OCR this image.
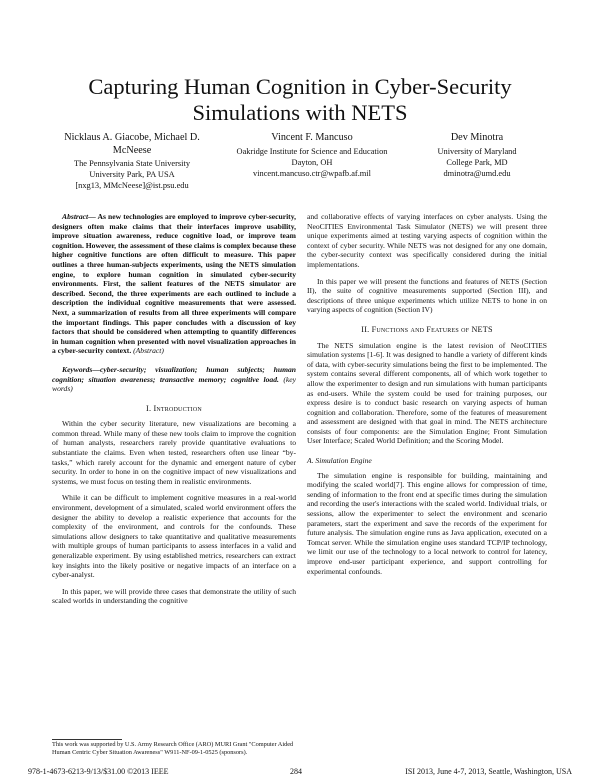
Capturing Human Cognition in Cyber-Security Simulations with NETS
Nicklaus A. Giacobe, Michael D. McNeese
The Pennsylvania State University
University Park, PA USA
[nxg13, MMcNeese]@ist.psu.edu
Vincent F. Mancuso
Oakridge Institute for Science and Education
Dayton, OH
vincent.mancuso.ctr@wpafb.af.mil
Dev Minotra
University of Maryland
College Park, MD
dminotra@umd.edu

Abstract— As new technologies are employed to improve cyber-security, designers often make claims that their interfaces improve usability, improve situation awareness, reduce cognitive load, or improve team cognition. However, the assessment of these claims is complex because these higher cognitive functions are often difficult to measure. This paper outlines a three human-subjects experiments, using the NETS simulation engine, to explore human cognition in simulated cyber-security environments. First, the salient features of the NETS simulator are described. Second, the three experiments are each outlined to include a description the individual cognitive measurements that were assessed. Next, a summarization of results from all three experiments will compare the important findings. This paper concludes with a discussion of key factors that should be considered when attempting to quantify differences in human cognition when presented with novel visualization approaches in a cyber-security context. (Abstract)

Keywords—cyber-security; visualization; human subjects; human cognition; situation awareness; transactive memory; cognitive load. (key words)

I. Introduction

Within the cyber security literature, new visualizations are becoming a common thread. While many of these new tools claim to improve the cognition of human analysts, researchers rarely provide quantitative evaluations to substantiate the claims. Even when tested, researchers often use linear “by-tasks,” which rarely account for the dynamic and emergent nature of cyber security. In order to hone in on the cognitive impact of new visualizations and systems, we must focus on testing them in realistic environments.

While it can be difficult to implement cognitive measures in a real-world environment, development of a simulated, scaled world environment offers the designer the ability to develop a realistic experience that accounts for the complexity of the environment, and controls for the confounds. These simulations allow designers to take quantitative and qualitative measurements with multiple groups of human participants to assess interfaces in a valid and generalizable experiment. By using established metrics, researchers can extract key insights into the likely positive or negative impacts of an interface on a cyber-analyst.

In this paper, we will provide three cases that demonstrate the utility of such scaled worlds in understanding the cognitive

This work was supported by U.S. Army Research Office (ARO) MURI Grant "Computer Aided Human Centric Cyber Situation Awareness" W911-NF-09-1-0525 (sponsors).

and collaborative effects of varying interfaces on cyber analysts. Using the NeoCITIES Environmental Task Simulator (NETS) we will present three unique experiments aimed at testing varying aspects of cognition within the context of cyber security. While NETS was not designed for any one domain, the cyber-security context was specifically considered during the initial implementations.

In this paper we will present the functions and features of NETS (Section II), the suite of cognitive measurements supported (Section III), and descriptions of three unique experiments which utilize NETS to hone in on varying aspects of cognition (Section IV)

II. Functions and Features of NETS

The NETS simulation engine is the latest revision of NeoCITIES simulation systems [1-6]. It was designed to handle a variety of different kinds of data, with cyber-security simulations being the first to be implemented. The system contains several different components, all of which work together to allow the experimenter to design and run simulations with human participants as end-users. While the system could be used for training purposes, our express desire is to conduct basic research on varying aspects of human cognition and collaboration. Therefore, some of the features of measurement and assessment are designed with that goal in mind. The NETS architecture consists of four components: are the Simulation Engine; Front Simulation User Interface; Scaled World Definition; and the Scoring Model.

A. Simulation Engine

The simulation engine is responsible for building, maintaining and modifying the scaled world[7]. This engine allows for compression of time, sending of information to the front end at specific times during the simulation and recording the user's interactions with the scaled world. Individual trials, or sessions, allow the experimenter to select the environment and scenario parameters, start the experiment and save the records of the experiment for future analysis. The simulation engine runs as Java application, executed on a Tomcat server. While the simulation engine uses standard TCP/IP technology, we limit our use of the technology to a local network to control for latency, improve end-user participant experience, and support controlling for experimental confounds.

978-1-4673-6213-9/13/$31.00 ©2013 IEEE	284	ISI 2013, June 4-7, 2013, Seattle, Washington, USA
